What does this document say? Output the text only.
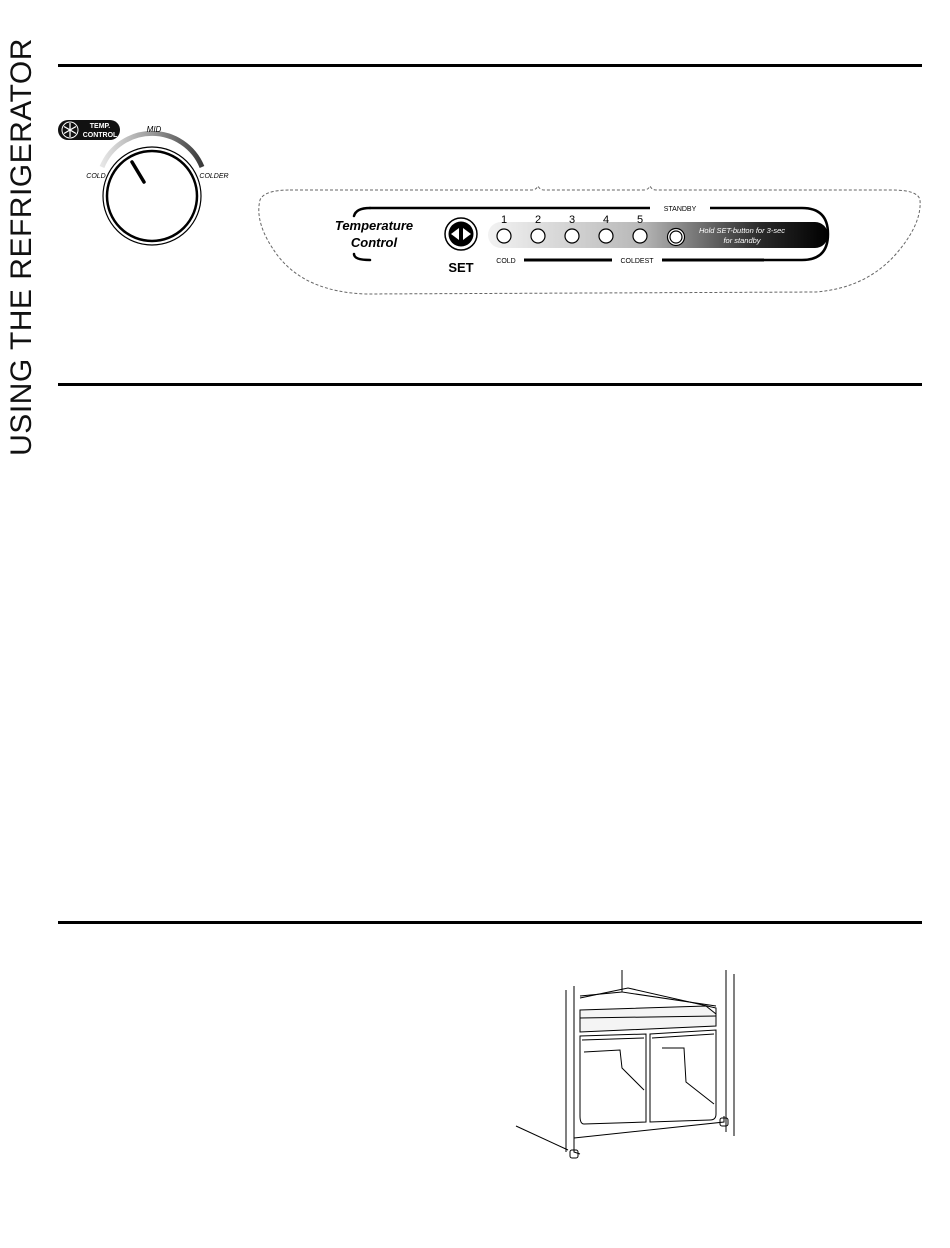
USING THE REFRIGERATOR	TEMP.
CONTROL
MID
COLD	COLDER
Temperature
Control
SET
1	2	3	4	5
STANDBY
COLD	COLDEST
Hold SET-button for 3-sec
for standby
